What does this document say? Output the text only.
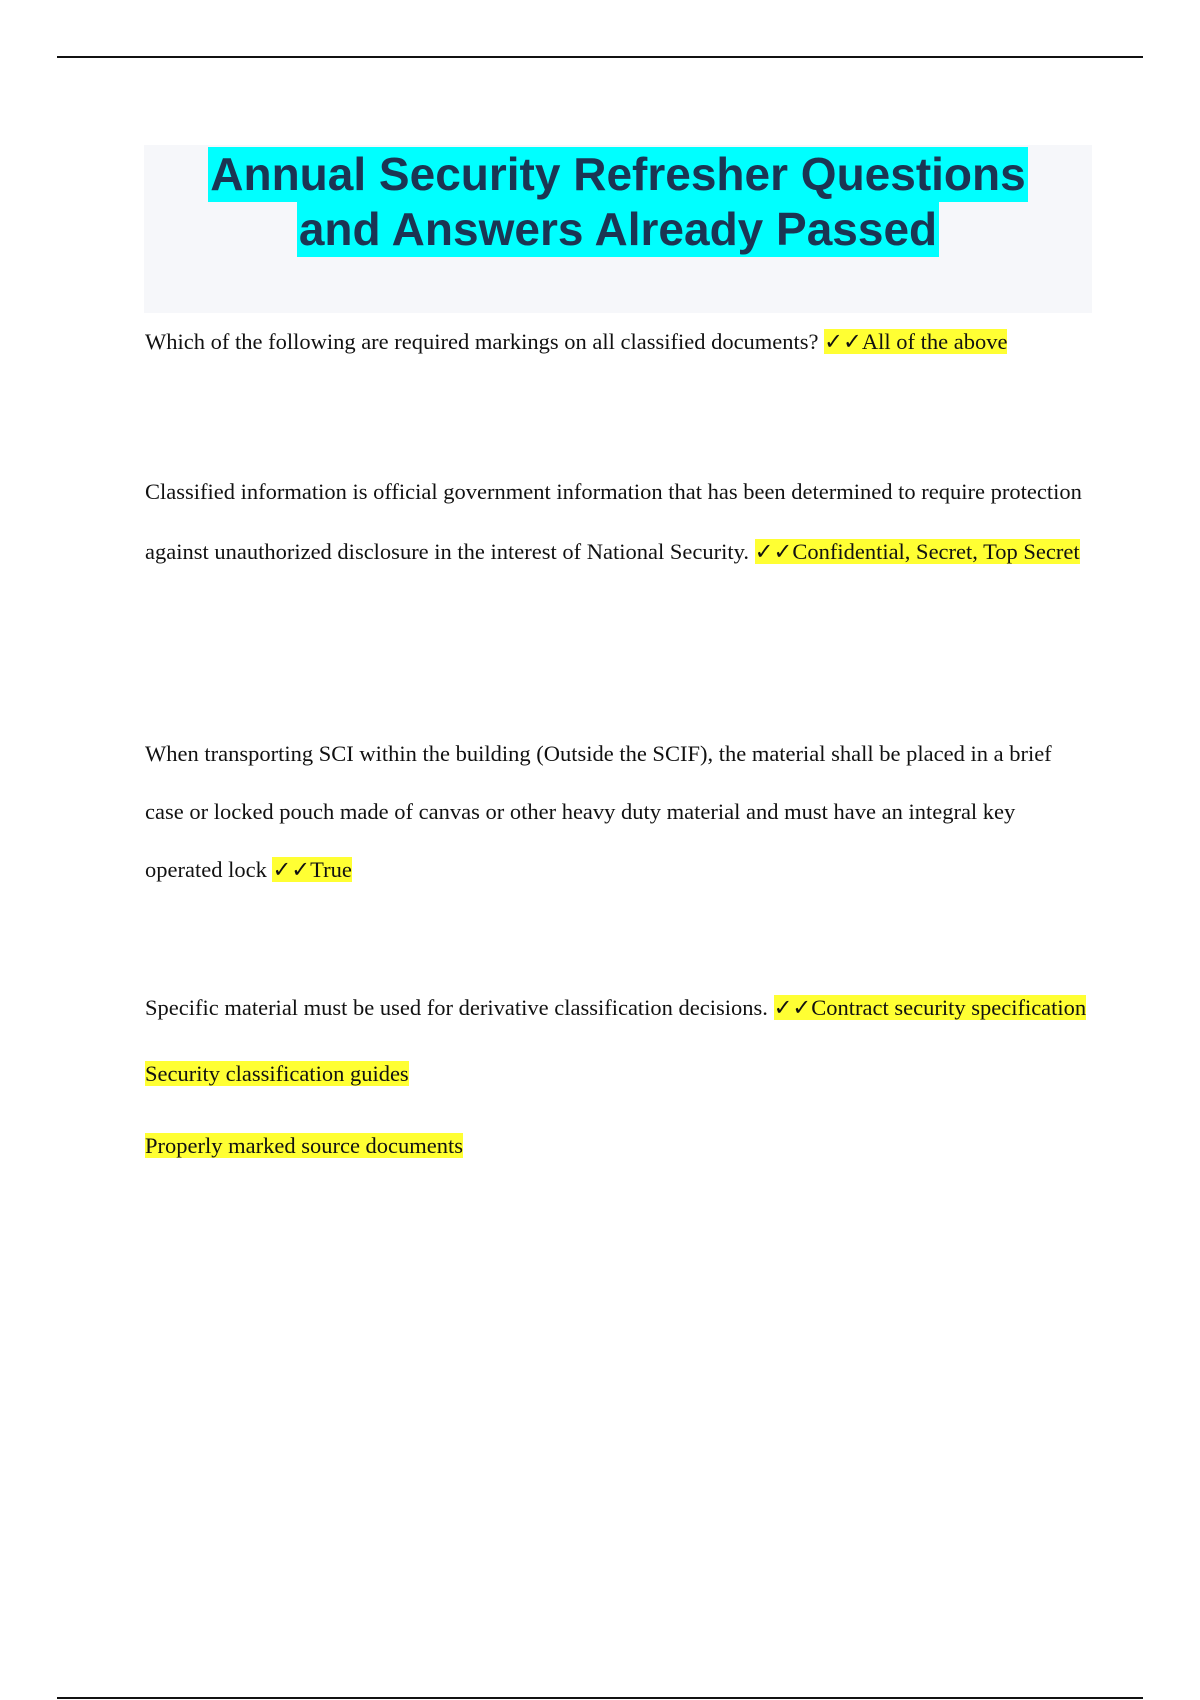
Annual Security Refresher Questions
and Answers Already Passed

Which of the following are required markings on all classified documents? ✓✓All of the above

Classified information is official government information that has been determined to require protection against unauthorized disclosure in the interest of National Security. ✓✓Confidential, Secret, Top Secret

When transporting SCI within the building (Outside the SCIF), the material shall be placed in a brief case or locked pouch made of canvas or other heavy duty material and must have an integral key operated lock ✓✓True

Specific material must be used for derivative classification decisions. ✓✓Contract security specification

Security classification guides

Properly marked source documents
